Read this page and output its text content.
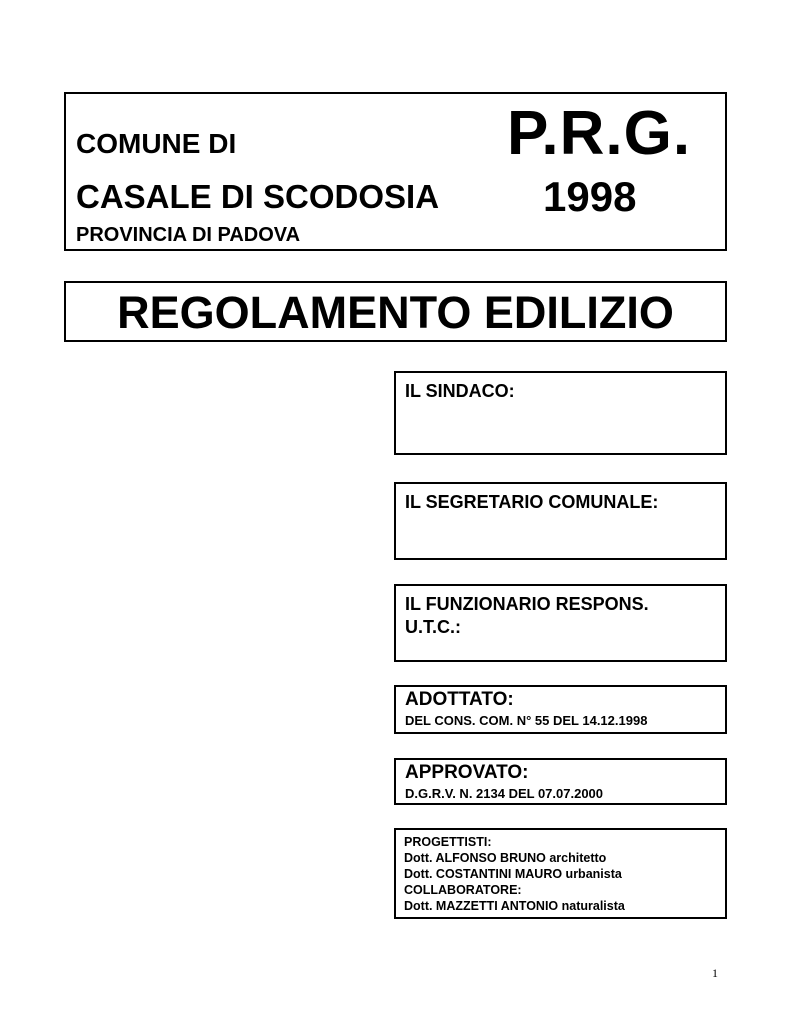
COMUNE DI	P.R.G.
CASALE DI SCODOSIA 1998
PROVINCIA DI PADOVA
REGOLAMENTO EDILIZIO
IL SINDACO:
IL SEGRETARIO COMUNALE:
IL FUNZIONARIO RESPONS.
U.T.C.:
ADOTTATO:
DEL CONS. COM. N° 55 DEL 14.12.1998
APPROVATO:
D.G.R.V. N. 2134 DEL 07.07.2000
PROGETTISTI:
Dott. ALFONSO BRUNO architetto
Dott. COSTANTINI MAURO urbanista
COLLABORATORE:
Dott. MAZZETTI ANTONIO naturalista
1
